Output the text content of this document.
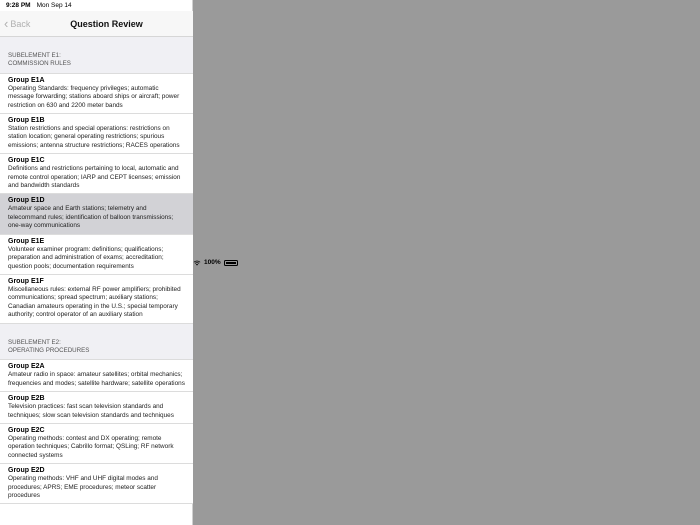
9:28 PM Mon Sep 14
100%
‹ Back	Question Review
SUBELEMENT E1:
COMMISSION RULES
Group E1A
Operating Standards: frequency privileges; automatic message forwarding; stations aboard ships or aircraft; power restriction on 630 and 2200 meter bands
Group E1B
Station restrictions and special operations: restrictions on station location; general operating restrictions; spurious emissions; antenna structure restrictions; RACES operations
Group E1C
Definitions and restrictions pertaining to local, automatic and remote control operation; IARP and CEPT licenses; emission and bandwidth standards
Group E1D
Amateur space and Earth stations; telemetry and telecommand rules; identification of balloon transmissions; one-way communications
Group E1E
Volunteer examiner program: definitions; qualifications; preparation and administration of exams; accreditation; question pools; documentation requirements
Group E1F
Miscellaneous rules: external RF power amplifiers; prohibited communications; spread spectrum; auxiliary stations; Canadian amateurs operating in the U.S.; special temporary authority; control operator of an auxiliary station
SUBELEMENT E2:
OPERATING PROCEDURES
Group E2A
Amateur radio in space: amateur satellites; orbital mechanics; frequencies and modes; satellite hardware; satellite operations
Group E2B
Television practices: fast scan television standards and techniques; slow scan television standards and techniques
Group E2C
Operating methods: contest and DX operating; remote operation techniques; Cabrillo format; QSLing; RF network connected systems
Group E2D
Operating methods: VHF and UHF digital modes and procedures; APRS; EME procedures; meteor scatter procedures
